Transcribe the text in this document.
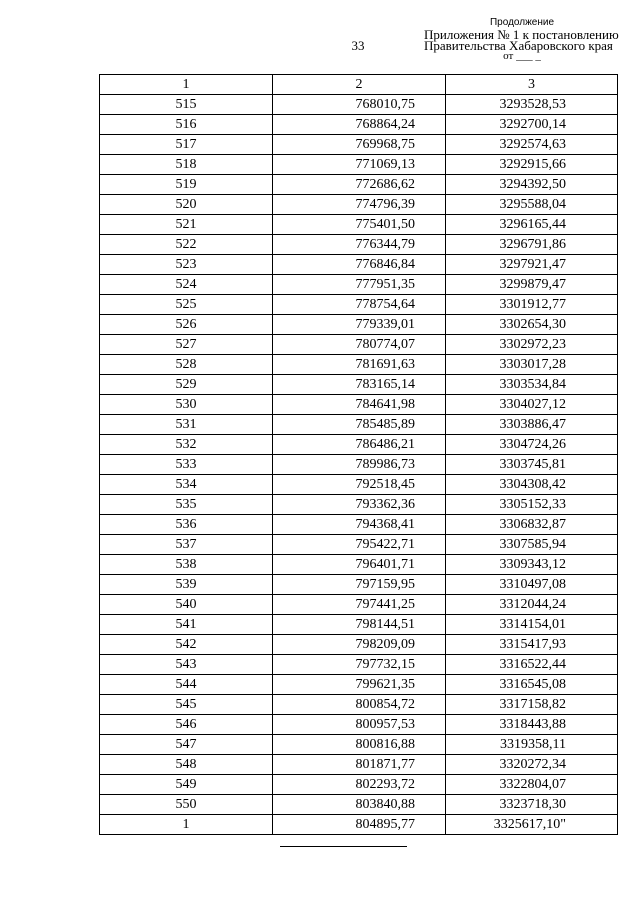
33
Продолжение
Приложения № 1 к постановлению
Правительства Хабаровского края
от ___ _
1	2	3
515	768010,75	3293528,53
516	768864,24	3292700,14
517	769968,75	3292574,63
518	771069,13	3292915,66
519	772686,62	3294392,50
520	774796,39	3295588,04
521	775401,50	3296165,44
522	776344,79	3296791,86
523	776846,84	3297921,47
524	777951,35	3299879,47
525	778754,64	3301912,77
526	779339,01	3302654,30
527	780774,07	3302972,23
528	781691,63	3303017,28
529	783165,14	3303534,84
530	784641,98	3304027,12
531	785485,89	3303886,47
532	786486,21	3304724,26
533	789986,73	3303745,81
534	792518,45	3304308,42
535	793362,36	3305152,33
536	794368,41	3306832,87
537	795422,71	3307585,94
538	796401,71	3309343,12
539	797159,95	3310497,08
540	797441,25	3312044,24
541	798144,51	3314154,01
542	798209,09	3315417,93
543	797732,15	3316522,44
544	799621,35	3316545,08
545	800854,72	3317158,82
546	800957,53	3318443,88
547	800816,88	3319358,11
548	801871,77	3320272,34
549	802293,72	3322804,07
550	803840,88	3323718,30
1	804895,77	3325617,10"
